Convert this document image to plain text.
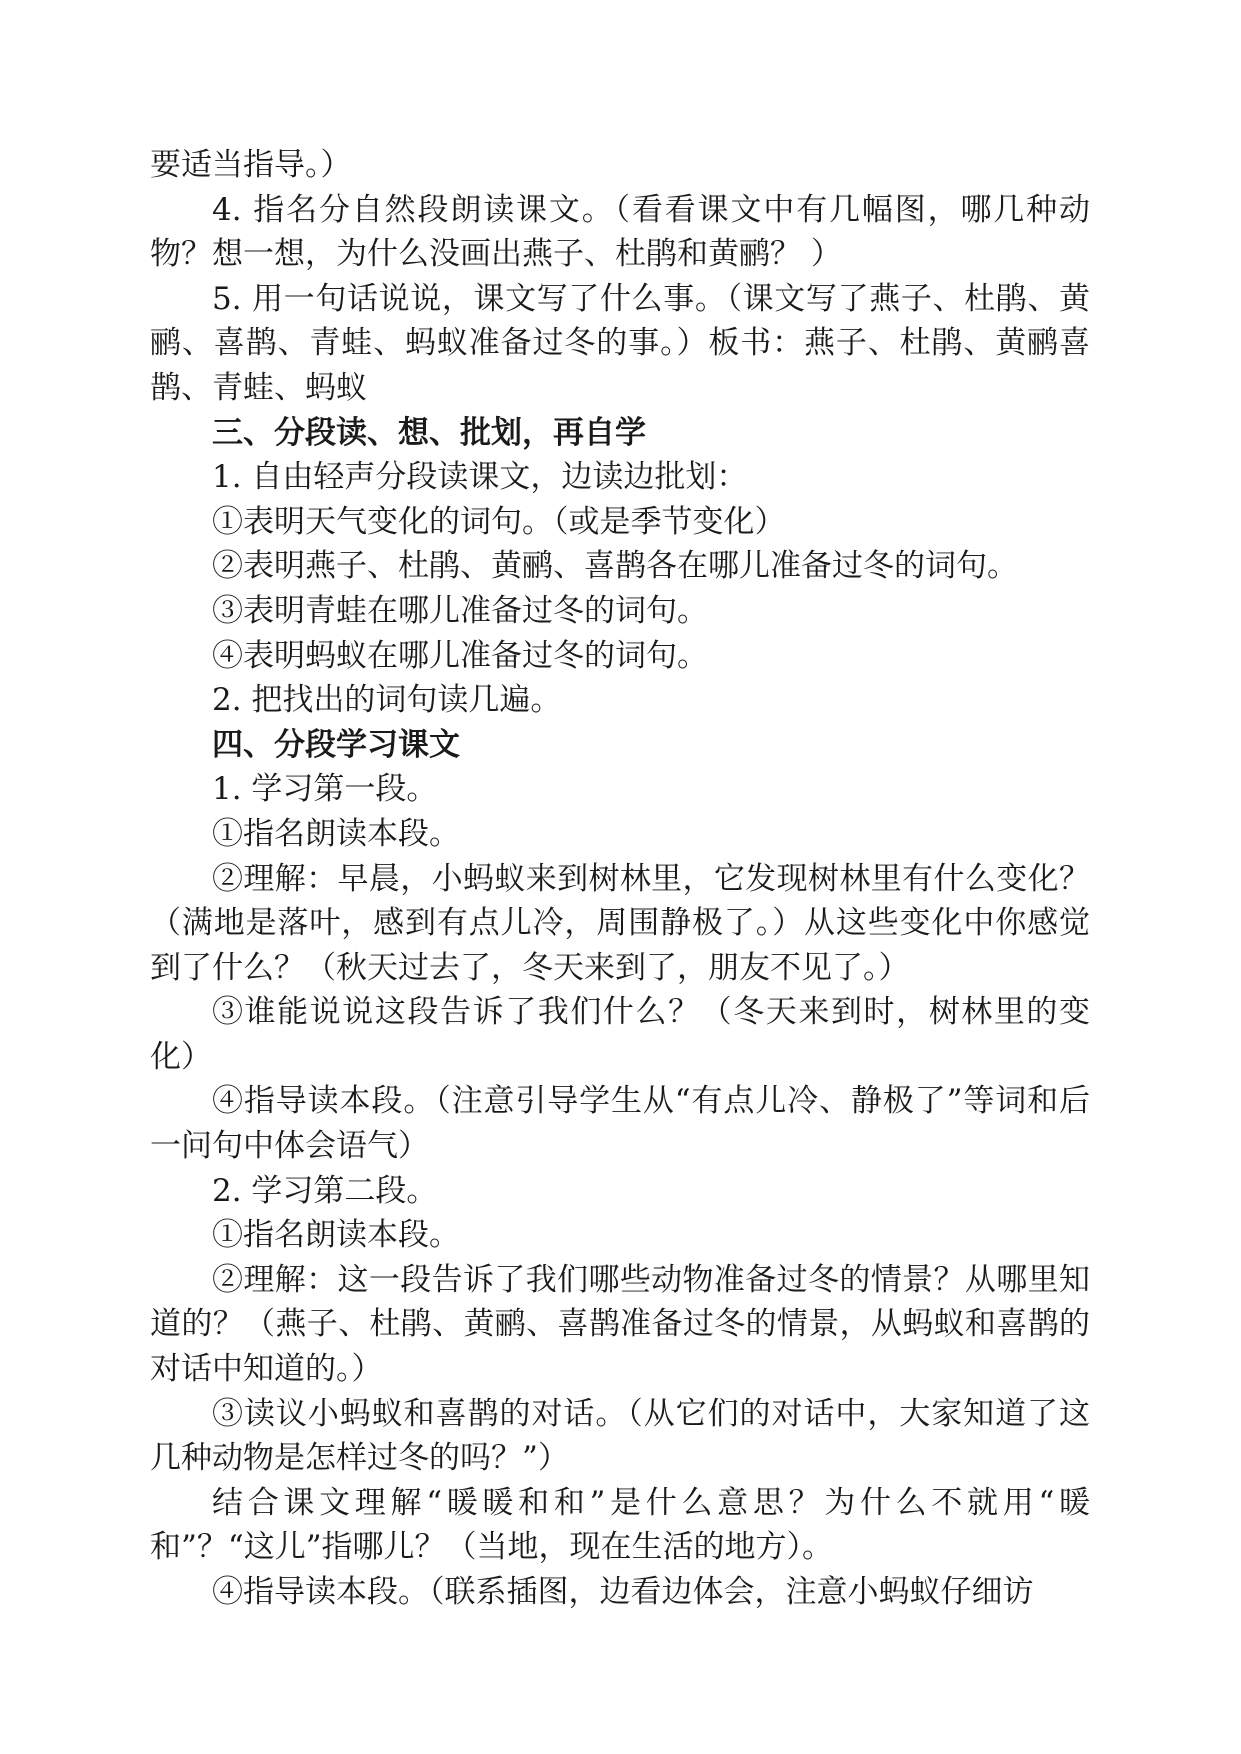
要适当指导。）

4. 指名分自然段朗读课文。（看看课文中有几幅图，哪几种动物？想一想，为什么没画出燕子、杜鹃和黄鹂？ ）

5. 用一句话说说，课文写了什么事。（课文写了燕子、杜鹃、黄鹂、喜鹊、青蛙、蚂蚁准备过冬的事。）板书：燕子、杜鹃、黄鹂喜鹊、青蛙、蚂蚁

三、分段读、想、批划，再自学

1. 自由轻声分段读课文，边读边批划：

①表明天气变化的词句。（或是季节变化）

②表明燕子、杜鹃、黄鹂、喜鹊各在哪儿准备过冬的词句。

③表明青蛙在哪儿准备过冬的词句。

④表明蚂蚁在哪儿准备过冬的词句。

2. 把找出的词句读几遍。

四、分段学习课文

1. 学习第一段。

①指名朗读本段。

②理解：早晨，小蚂蚁来到树林里，它发现树林里有什么变化？（满地是落叶，感到有点儿冷，周围静极了。）从这些变化中你感觉到了什么？（秋天过去了，冬天来到了，朋友不见了。）

③谁能说说这段告诉了我们什么？（冬天来到时，树林里的变化）

④指导读本段。（注意引导学生从“有点儿冷、静极了”等词和后一问句中体会语气）

2. 学习第二段。

①指名朗读本段。

②理解：这一段告诉了我们哪些动物准备过冬的情景？从哪里知道的？（燕子、杜鹃、黄鹂、喜鹊准备过冬的情景，从蚂蚁和喜鹊的对话中知道的。）

③读议小蚂蚁和喜鹊的对话。（从它们的对话中，大家知道了这几种动物是怎样过冬的吗？”）

结合课文理解“暖暖和和”是什么意思？为什么不就用“暖和”？“这儿”指哪儿？（当地，现在生活的地方）。

④指导读本段。（联系插图，边看边体会，注意小蚂蚁仔细访
